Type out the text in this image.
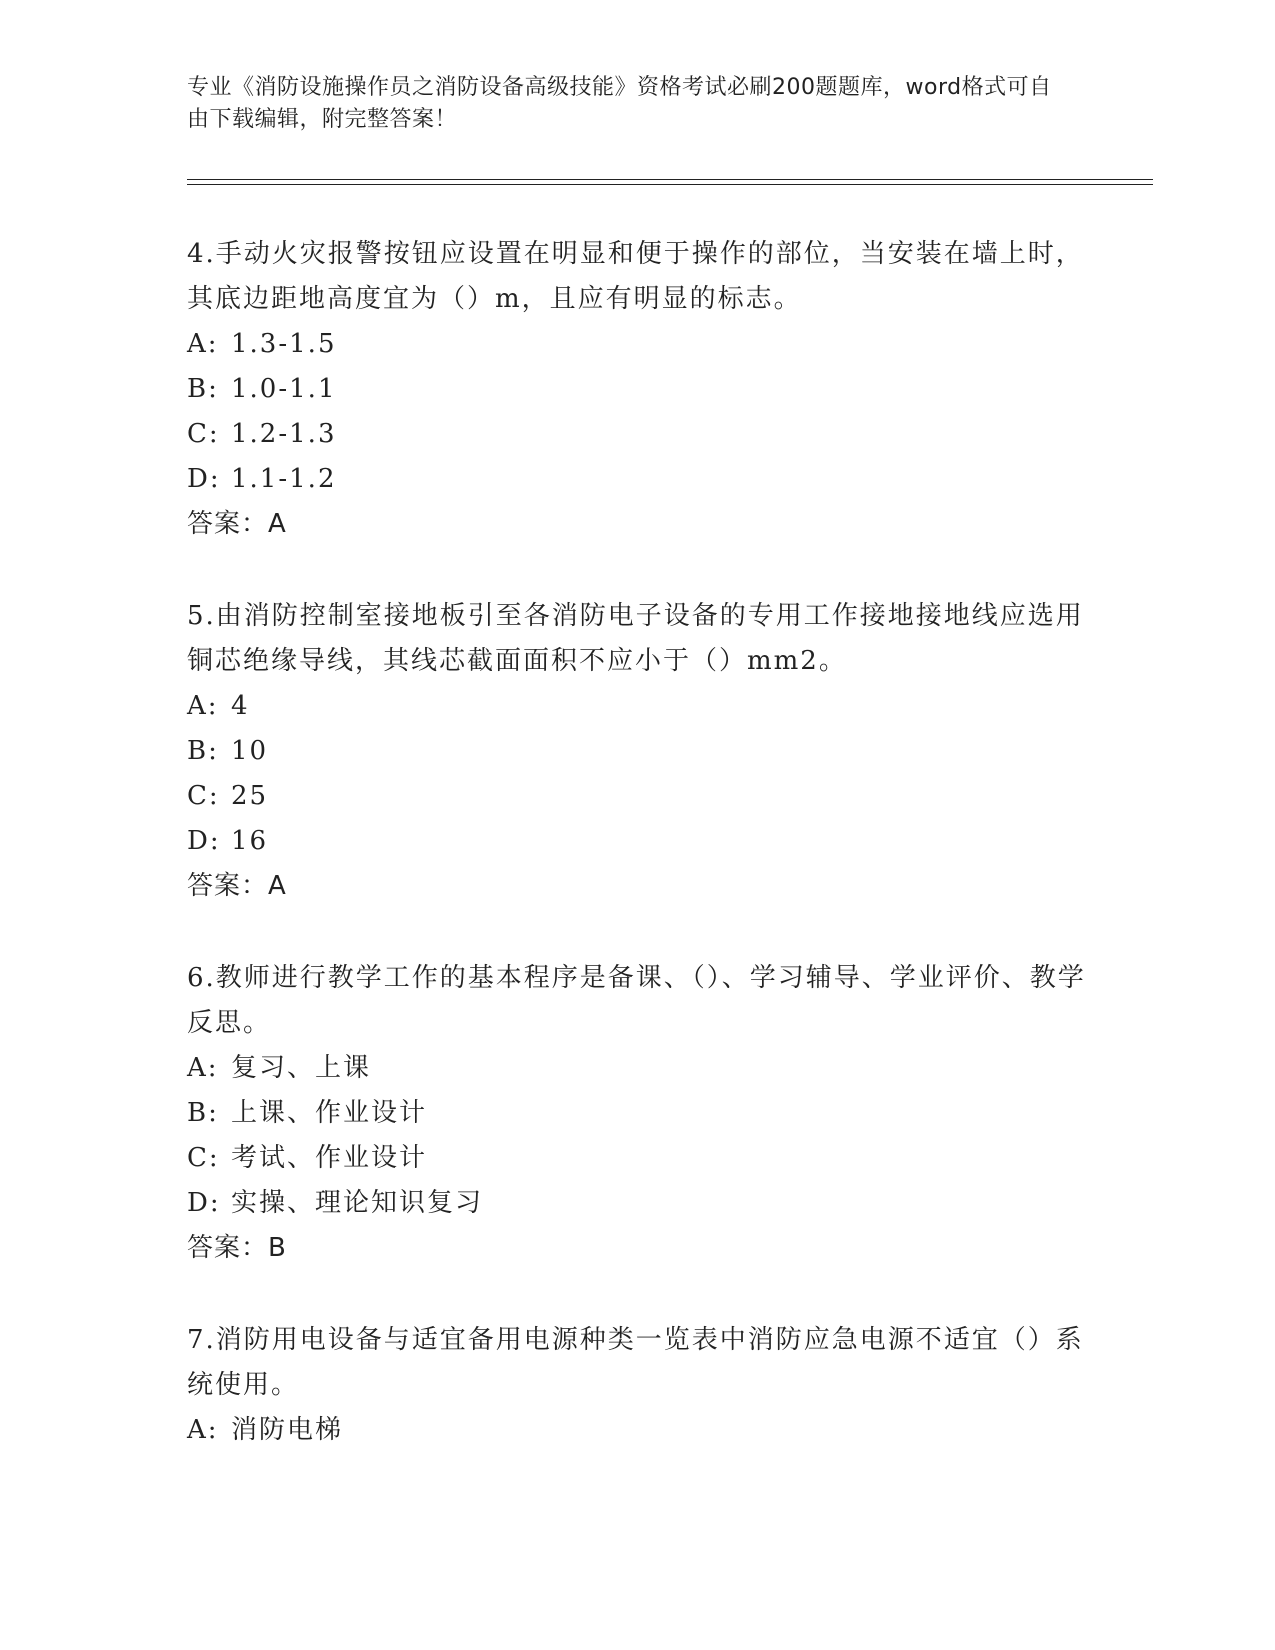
专业《消防设施操作员之消防设备高级技能》资格考试必刷200题题库，word格式可自由下载编辑，附完整答案！

4.手动火灾报警按钮应设置在明显和便于操作的部位，当安装在墙上时，其底边距地高度宜为（）m，且应有明显的标志。

A: 1.3-1.5
B: 1.0-1.1
C: 1.2-1.3
D: 1.1-1.2
答案：A

5.由消防控制室接地板引至各消防电子设备的专用工作接地接地线应选用铜芯绝缘导线，其线芯截面面积不应小于（）mm2。

A: 4
B: 10
C: 25
D: 16
答案：A

6.教师进行教学工作的基本程序是备课、（）、学习辅导、学业评价、教学反思。

A: 复习、上课
B: 上课、作业设计
C: 考试、作业设计
D: 实操、理论知识复习
答案：B

7.消防用电设备与适宜备用电源种类一览表中消防应急电源不适宜（）系统使用。

A: 消防电梯
